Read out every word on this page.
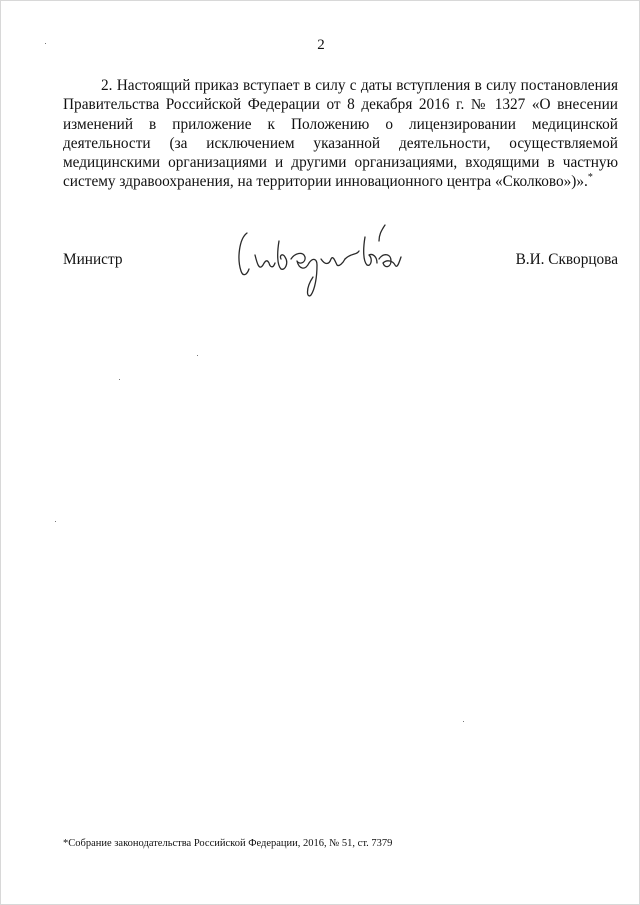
2

2. Настоящий приказ вступает в силу с даты вступления в силу постановления Правительства Российской Федерации от 8 декабря 2016 г. № 1327 «О внесении изменений в приложение к Положению о лицензировании медицинской деятельности (за исключением указанной деятельности, осуществляемой медицинскими организациями и другими организациями, входящими в частную систему здравоохранения, на территории инновационного центра «Сколково»)».*

Министр	В.И. Скворцова
*Собрание законодательства Российской Федерации, 2016, № 51, ст. 7379
